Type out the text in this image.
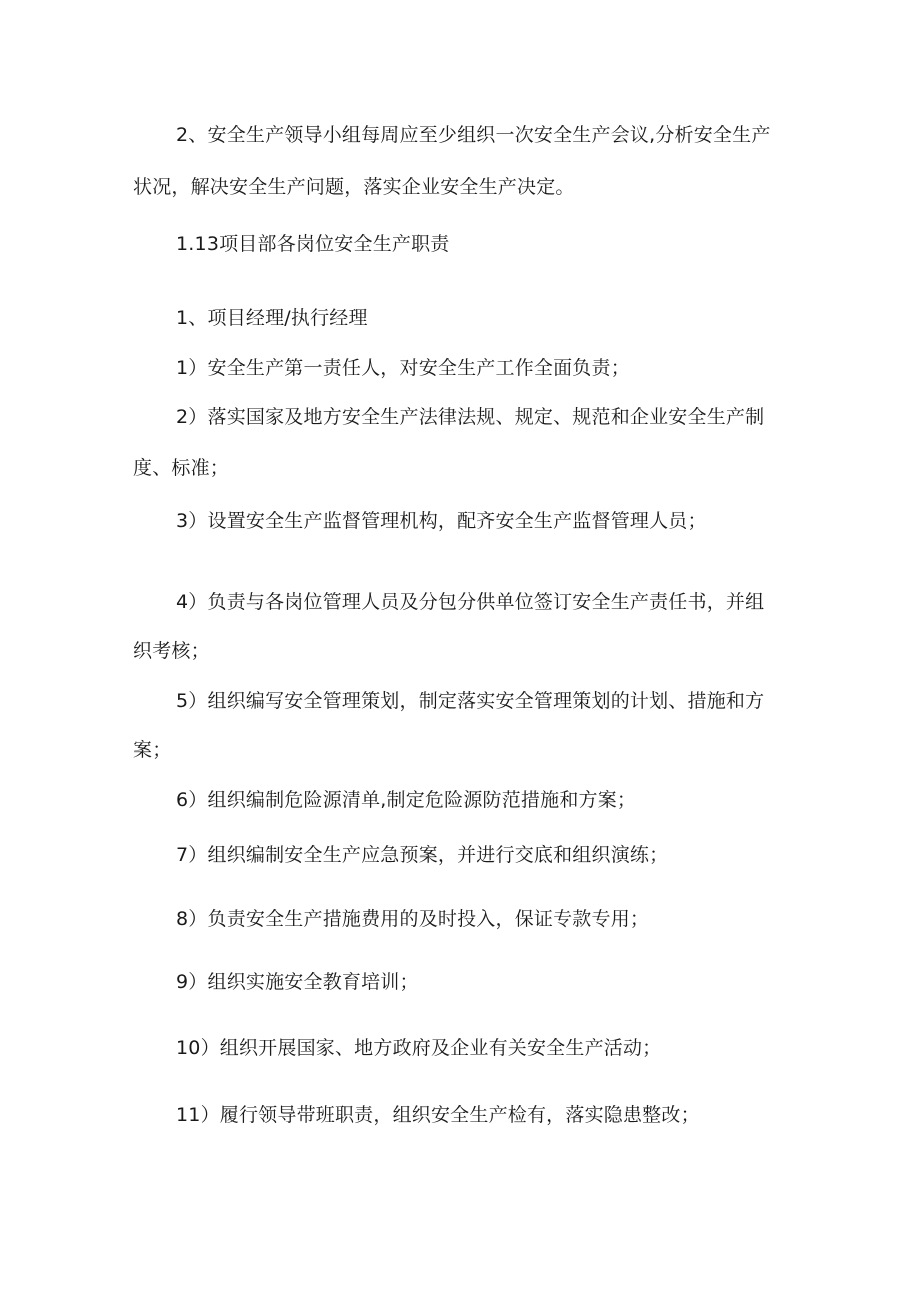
2、安全生产领导小组每周应至少组织一次安全生产会议,分析安全生产

状况，解决安全生产问题，落实企业安全生产决定。

1.13项目部各岗位安全生产职责

1、项目经理/执行经理

1）安全生产第一责任人，对安全生产工作全面负责；

2）落实国家及地方安全生产法律法规、规定、规范和企业安全生产制

度、标准；

3）设置安全生产监督管理机构，配齐安全生产监督管理人员；

4）负责与各岗位管理人员及分包分供单位签订安全生产责任书，并组

织考核；

5）组织编写安全管理策划，制定落实安全管理策划的计划、措施和方

案；

6）组织编制危险源清单,制定危险源防范措施和方案；

7）组织编制安全生产应急预案，并进行交底和组织演练；

8）负责安全生产措施费用的及时投入，保证专款专用；

9）组织实施安全教育培训；

10）组织开展国家、地方政府及企业有关安全生产活动；

11）履行领导带班职责，组织安全生产检有，落实隐患整改；
